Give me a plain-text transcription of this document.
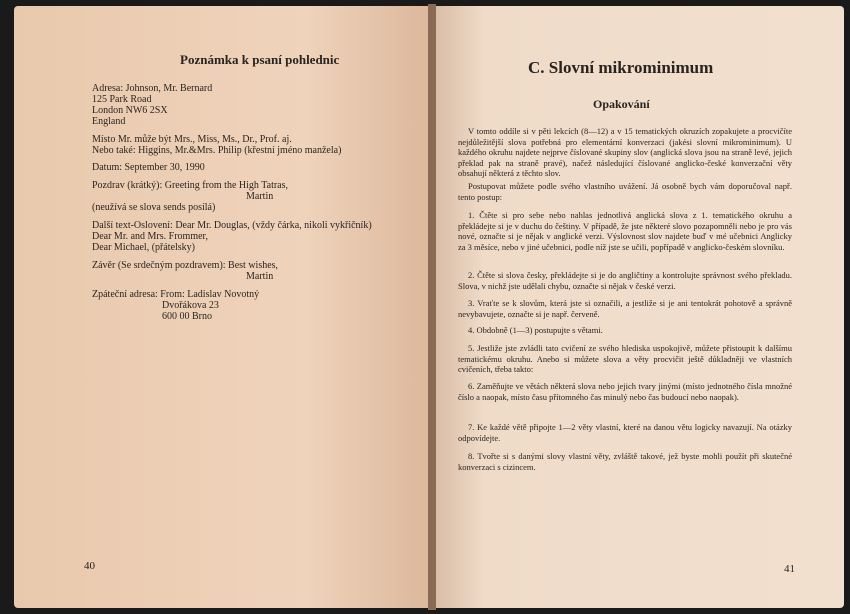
Poznámka k psaní pohlednic
Adresa: Johnson, Mr. Bernard
125 Park Road
London NW6 2SX
England
Místo Mr. může být Mrs., Miss, Ms., Dr., Prof. aj.
Nebo také: Higgins, Mr.&Mrs. Philip (křestní jméno manžela)
Datum: September 30, 1990
Pozdrav (krátký): Greeting from the High Tatras,
Martin
(neužívá se slova sends posílá)
Další text-Oslovení: Dear Mr. Douglas, (vždy čárka, nikoli vykřičník)
Dear Mr. and Mrs. Frommer,
Dear Michael, (přátelsky)
Závěr (Se srdečným pozdravem): Best wishes,
Martin
Zpáteční adresa: From: Ladislav Novotný
Dvořákova 23
600 00 Brno
40
C. Slovní mikrominimum
Opakování
V tomto oddíle si v pěti lekcích (8—12) a v 15 tematických okruzích zopakujete a procvičíte nejdůležitější slova potřebná pro elementární konverzaci (jakési slovní mikrominimum). U každého okruhu najdete nejprve číslované skupiny slov (anglická slova jsou na straně levé, jejich překlad pak na straně pravé), načež následující číslované anglicko-české konverzační věty obsahují některá z těchto slov.
Postupovat můžete podle svého vlastního uvážení. Já osobně bych vám doporučoval např. tento postup:
1. Čtěte si pro sebe nebo nahlas jednotlivá anglická slova z 1. tematického okruhu a překládejte si je v duchu do češtiny. V případě, že jste některé slovo pozapomněli nebo je pro vás nové, označte si je nějak v anglické verzi. Výslovnost slov najdete buď v mé učebnici Anglicky za 3 měsíce, nebo v jiné učebnici, podle níž jste se učili, popřípadě v anglicko-českém slovníku.
2. Čtěte si slova česky, překládejte si je do angličtiny a kontrolujte správnost svého překladu. Slova, v nichž jste udělali chybu, označte si nějak v české verzi.
3. Vraťte se k slovům, která jste si označili, a jestliže si je ani tentokrát pohotově a správně nevybavujete, označte si je např. červeně.
4. Obdobně (1—3) postupujte s větami.
5. Jestliže jste zvládli tato cvičení ze svého hlediska uspokojivě, můžete přistoupit k dalšímu tematickému okruhu. Anebo si můžete slova a věty procvičit ještě důkladněji ve vlastních cvičeních, třeba takto:
6. Zaměňujte ve větách některá slova nebo jejich tvary jinými (místo jednotného čísla množné číslo a naopak, místo času přítomného čas minulý nebo čas budoucí nebo naopak).
7. Ke každé větě připojte 1—2 věty vlastní, které na danou větu logicky navazují. Na otázky odpovídejte.
8. Tvořte si s danými slovy vlastní věty, zvláště takové, jež byste mohli použít při skutečné konverzaci s cizincem.
41
